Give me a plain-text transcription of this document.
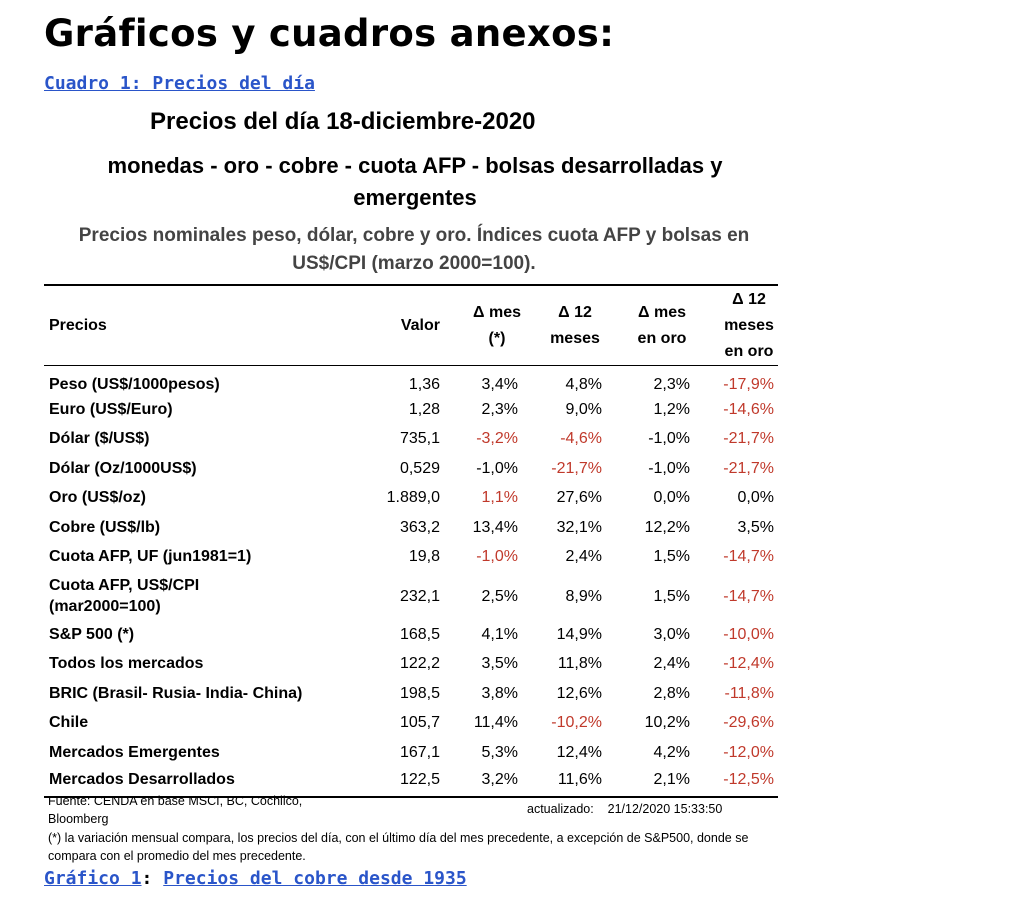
Gráficos y cuadros anexos:
Cuadro 1: Precios del día
Precios del día 18-diciembre-2020
monedas - oro - cobre - cuota AFP - bolsas desarrolladas y emergentes
Precios nominales peso, dólar, cobre y oro. Índices cuota AFP y bolsas en US$/CPI (marzo 2000=100).
Precios	Valor	Δ mes (*)	Δ 12 meses	Δ mes en oro	Δ 12 meses en oro
Peso (US$/1000pesos)	1,36	3,4%	4,8%	2,3%	-17,9%
Euro (US$/Euro)	1,28	2,3%	9,0%	1,2%	-14,6%
Dólar ($/US$)	735,1	-3,2%	-4,6%	-1,0%	-21,7%
Dólar (Oz/1000US$)	0,529	-1,0%	-21,7%	-1,0%	-21,7%
Oro (US$/oz)	1.889,0	1,1%	27,6%	0,0%	0,0%
Cobre (US$/lb)	363,2	13,4%	32,1%	12,2%	3,5%
Cuota AFP, UF (jun1981=1)	19,8	-1,0%	2,4%	1,5%	-14,7%
Cuota AFP, US$/CPI (mar2000=100)	232,1	2,5%	8,9%	1,5%	-14,7%
S&P 500 (*)	168,5	4,1%	14,9%	3,0%	-10,0%
Todos los mercados	122,2	3,5%	11,8%	2,4%	-12,4%
BRIC (Brasil- Rusia- India- China)	198,5	3,8%	12,6%	2,8%	-11,8%
Chile	105,7	11,4%	-10,2%	10,2%	-29,6%
Mercados Emergentes	167,1	5,3%	12,4%	4,2%	-12,0%
Mercados Desarrollados	122,5	3,2%	11,6%	2,1%	-12,5%
Fuente: CENDA en base MSCI, BC, Cochilco, Bloomberg
actualizado: 21/12/2020 15:33:50
(*) la variación mensual compara, los precios del día, con el último día del mes precedente, a excepción de S&P500, donde se compara con el promedio del mes precedente.
Gráfico 1: Precios del cobre desde 1935
